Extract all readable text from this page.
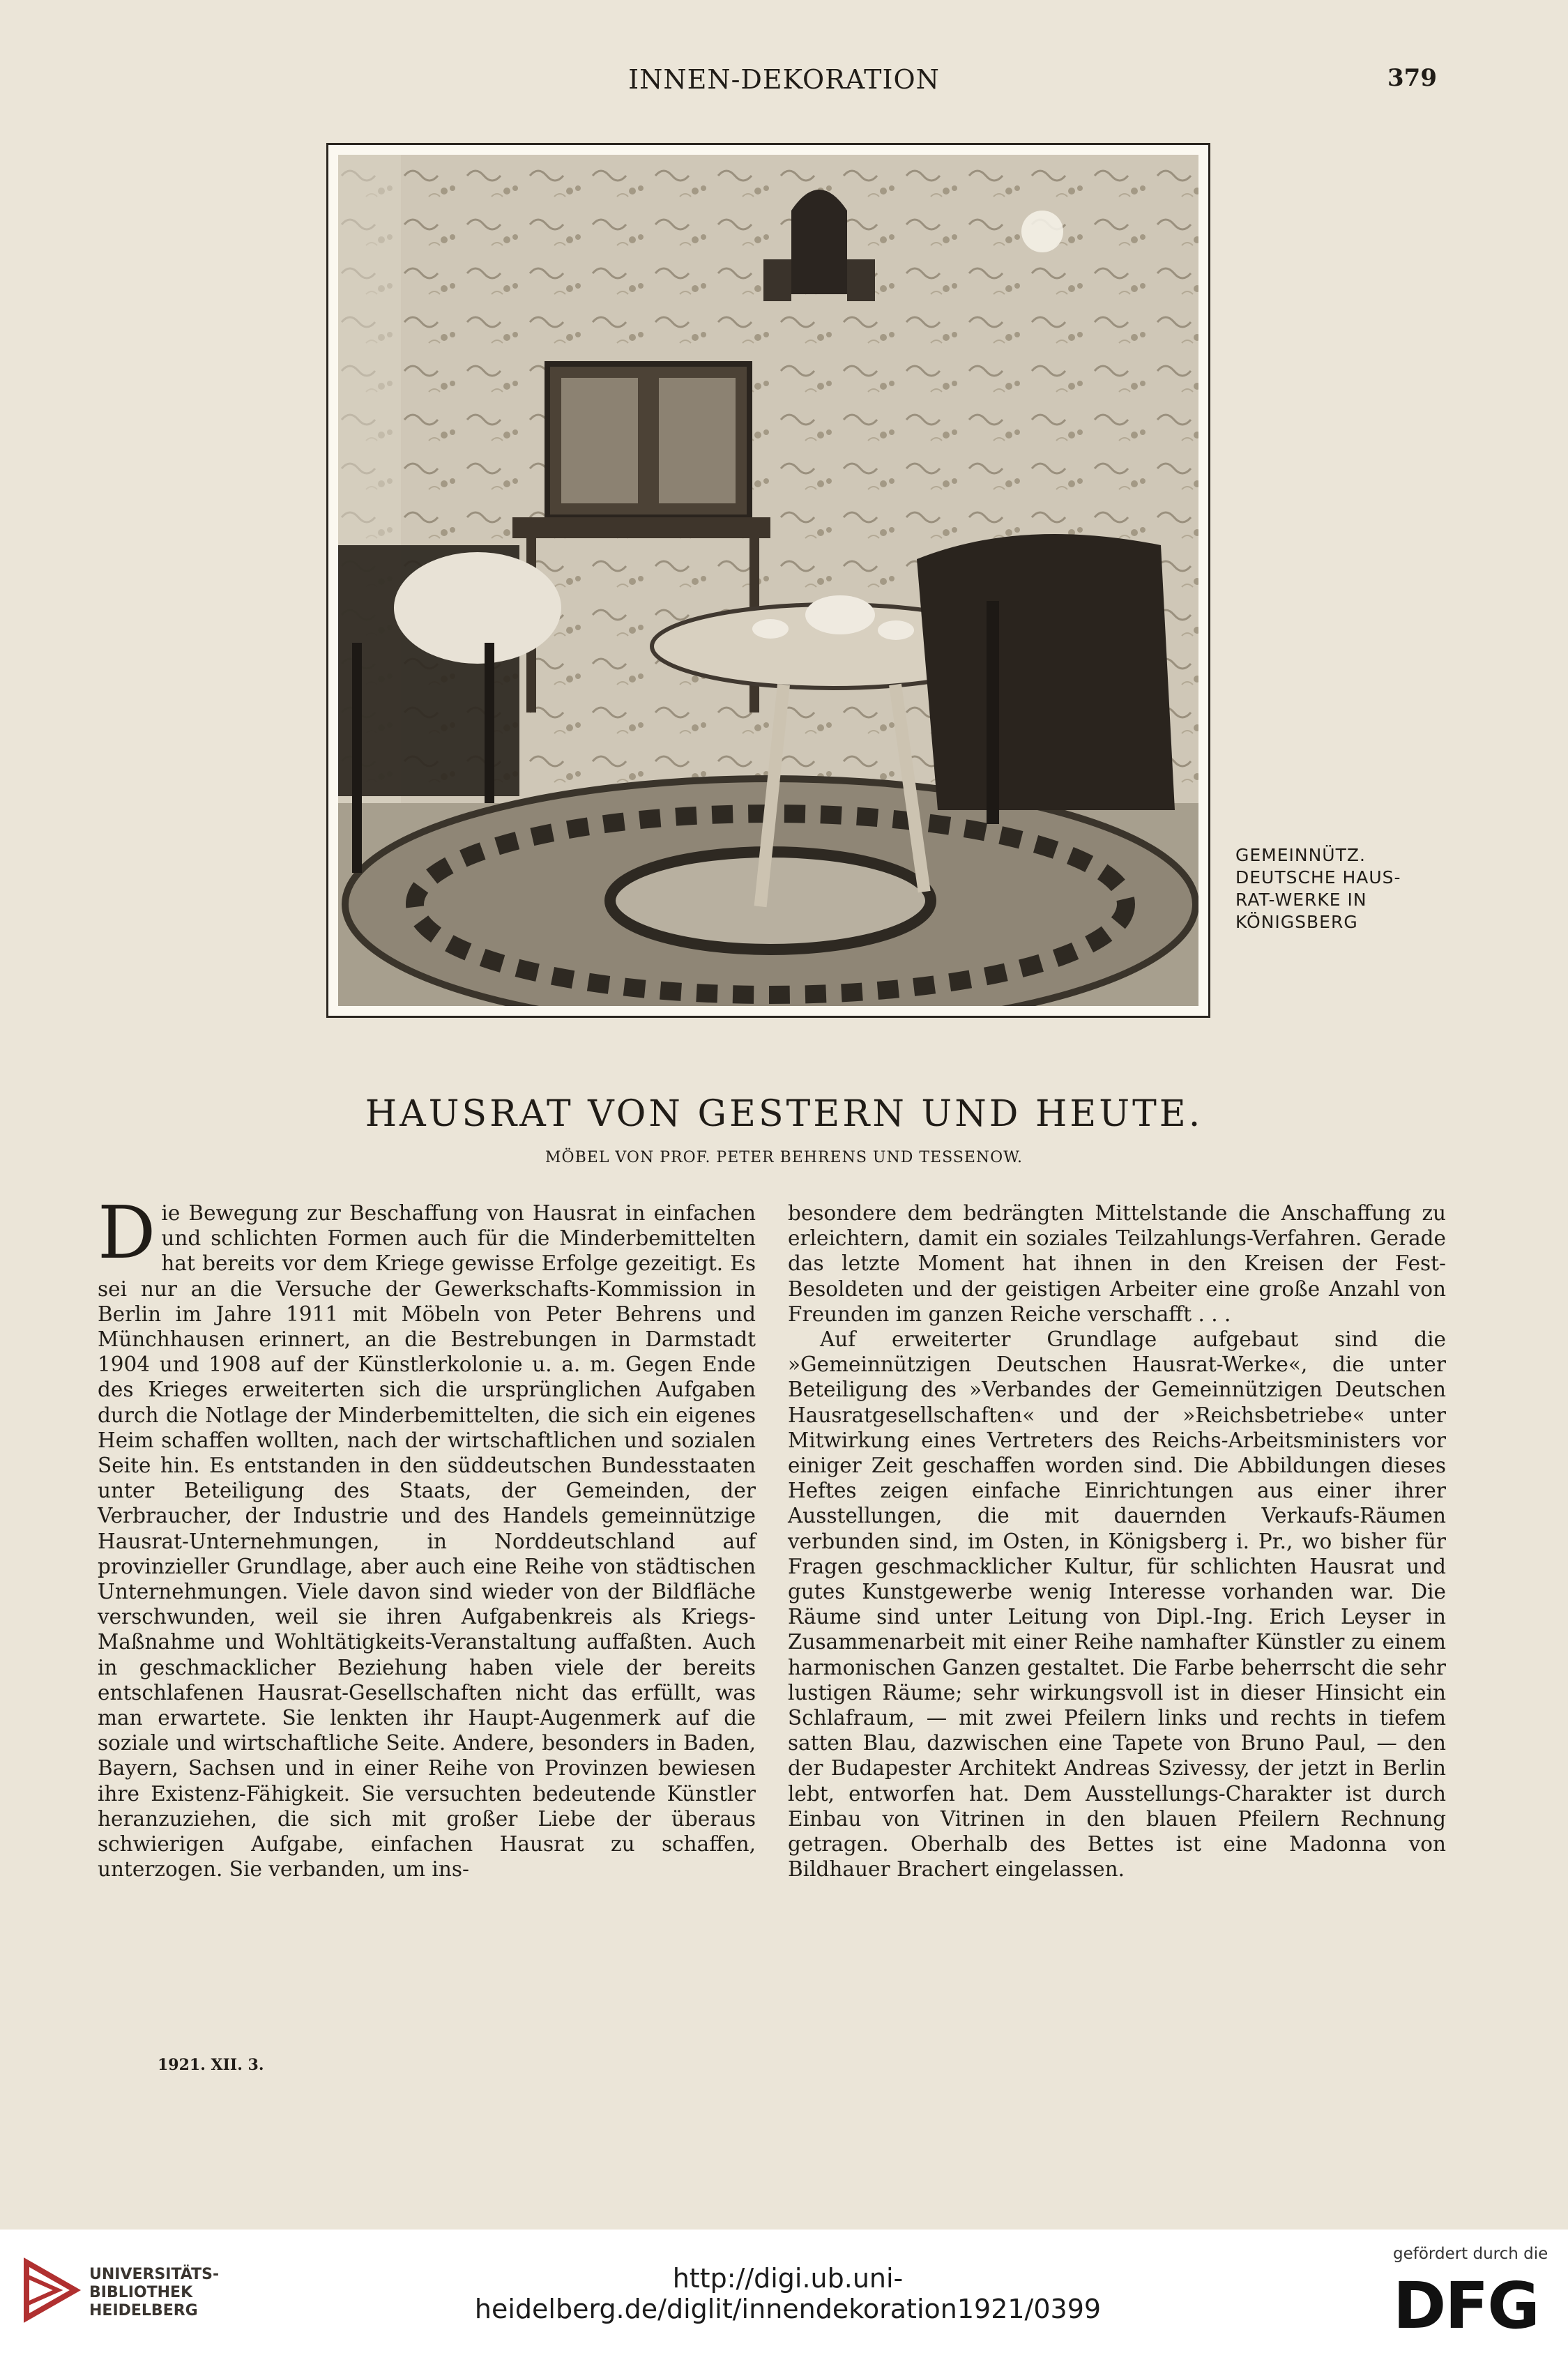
INNEN-DEKORATION	379
GEMEINNÜTZ.
DEUTSCHE HAUS-
RAT-WERKE IN
KÖNIGSBERG
HAUSRAT VON GESTERN UND HEUTE.
MÖBEL VON PROF. PETER BEHRENS UND TESSENOW.
D ie Bewegung zur Beschaffung von Hausrat in einfachen und schlichten Formen auch für die Minderbemittelten hat bereits vor dem Kriege gewisse Erfolge gezeitigt. Es sei nur an die Versuche der Gewerkschafts-Kommission in Berlin im Jahre 1911 mit Möbeln von Peter Behrens und Münchhausen erinnert, an die Bestrebungen in Darmstadt 1904 und 1908 auf der Künstlerkolonie u. a. m. Gegen Ende des Krieges erweiterten sich die ursprünglichen Aufgaben durch die Notlage der Minderbemittelten, die sich ein eigenes Heim schaffen wollten, nach der wirtschaftlichen und sozialen Seite hin. Es entstanden in den süddeutschen Bundesstaaten unter Beteiligung des Staats, der Gemeinden, der Verbraucher, der Industrie und des Handels gemeinnützige Hausrat-Unternehmungen, in Norddeutschland auf provinzieller Grundlage, aber auch eine Reihe von städtischen Unternehmungen. Viele davon sind wieder von der Bildfläche verschwunden, weil sie ihren Aufgabenkreis als Kriegs-Maßnahme und Wohltätigkeits-Veranstaltung auffaßten. Auch in geschmacklicher Beziehung haben viele der bereits entschlafenen Hausrat-Gesellschaften nicht das erfüllt, was man erwartete. Sie lenkten ihr Haupt-Augenmerk auf die soziale und wirtschaftliche Seite. Andere, besonders in Baden, Bayern, Sachsen und in einer Reihe von Provinzen bewiesen ihre Existenz-Fähigkeit. Sie versuchten bedeutende Künstler heranzuziehen, die sich mit großer Liebe der überaus schwierigen Aufgabe, einfachen Hausrat zu schaffen, unterzogen. Sie verbanden, um ins-

besondere dem bedrängten Mittelstande die Anschaffung zu erleichtern, damit ein soziales Teilzahlungs-Verfahren. Gerade das letzte Moment hat ihnen in den Kreisen der Fest-Besoldeten und der geistigen Arbeiter eine große Anzahl von Freunden im ganzen Reiche verschafft . . .

Auf erweiterter Grundlage aufgebaut sind die »Gemeinnützigen Deutschen Hausrat-Werke«, die unter Beteiligung des »Verbandes der Gemeinnützigen Deutschen Hausratgesellschaften« und der »Reichsbetriebe« unter Mitwirkung eines Vertreters des Reichs-Arbeitsministers vor einiger Zeit geschaffen worden sind. Die Abbildungen dieses Heftes zeigen einfache Einrichtungen aus einer ihrer Ausstellungen, die mit dauernden Verkaufs-Räumen verbunden sind, im Osten, in Königsberg i. Pr., wo bisher für Fragen geschmacklicher Kultur, für schlichten Hausrat und gutes Kunstgewerbe wenig Interesse vorhanden war. Die Räume sind unter Leitung von Dipl.-Ing. Erich Leyser in Zusammenarbeit mit einer Reihe namhafter Künstler zu einem harmonischen Ganzen gestaltet. Die Farbe beherrscht die sehr lustigen Räume; sehr wirkungsvoll ist in dieser Hinsicht ein Schlafraum, — mit zwei Pfeilern links und rechts in tiefem satten Blau, dazwischen eine Tapete von Bruno Paul, — den der Budapester Architekt Andreas Szivessy, der jetzt in Berlin lebt, entworfen hat. Dem Ausstellungs-Charakter ist durch Einbau von Vitrinen in den blauen Pfeilern Rechnung getragen. Oberhalb des Bettes ist eine Madonna von Bildhauer Brachert eingelassen.

1921. XII. 3.
UNIVERSITÄTS-
BIBLIOTHEK
HEIDELBERG
http://digi.ub.uni-heidelberg.de/diglit/innendekoration1921/0399
gefördert durch die
DFG
